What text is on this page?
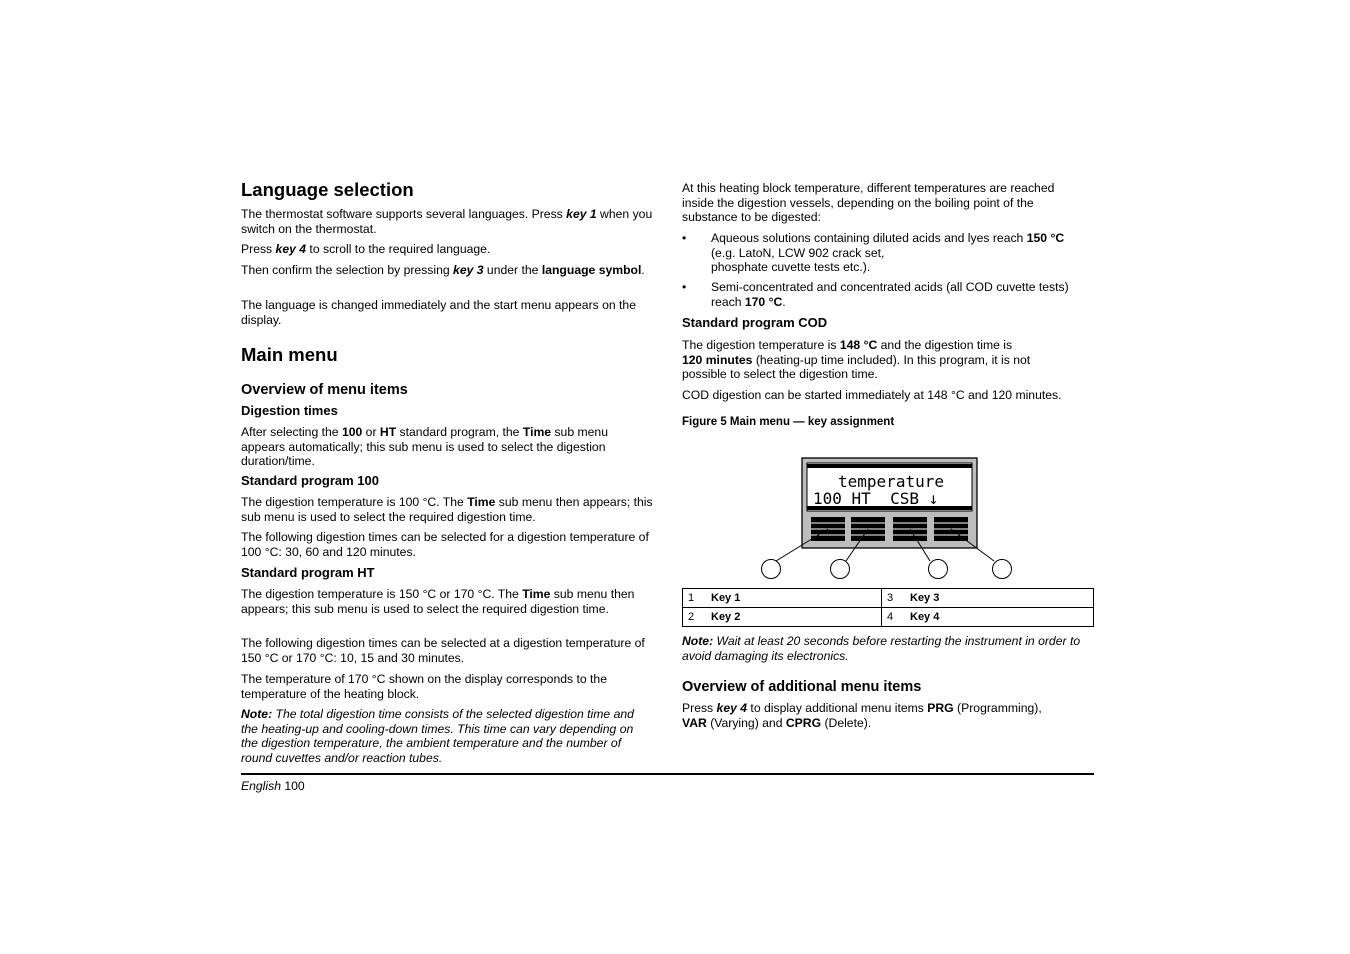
Language selection

The thermostat software supports several languages. Press key 1 when you switch on the thermostat.

Press key 4 to scroll to the required language.

Then confirm the selection by pressing key 3 under the language symbol.

The language is changed immediately and the start menu appears on the display.

Main menu
Overview of menu items
Digestion times

After selecting the 100 or HT standard program, the Time sub menu appears automatically; this sub menu is used to select the digestion duration/time.

Standard program 100

The digestion temperature is 100 °C. The Time sub menu then appears; this sub menu is used to select the required digestion time.

The following digestion times can be selected for a digestion temperature of 100 °C: 30, 60 and 120 minutes.

Standard program HT

The digestion temperature is 150 °C or 170 °C. The Time sub menu then appears; this sub menu is used to select the required digestion time.

The following digestion times can be selected at a digestion temperature of 150 °C or 170 °C: 10, 15 and 30 minutes.

The temperature of 170 °C shown on the display corresponds to the temperature of the heating block.

Note: The total digestion time consists of the selected digestion time and the heating-up and cooling-down times. This time can vary depending on the digestion temperature, the ambient temperature and the number of round cuvettes and/or reaction tubes.

At this heating block temperature, different temperatures are reached inside the digestion vessels, depending on the boiling point of the substance to be digested:

• Aqueous solutions containing diluted acids and lyes reach 150 °C
(e.g. LatoN, LCW 902 crack set,
phosphate cuvette tests etc.).

• Semi-concentrated and concentrated acids (all COD cuvette tests) reach 170 °C.

Standard program COD

The digestion temperature is 148 °C and the digestion time is
120 minutes (heating-up time included). In this program, it is not possible to select the digestion time.

COD digestion can be started immediately at 148 °C and 120 minutes.

Figure 5 Main menu — key assignment

temperature
100 HT  CSB ↓
1	Key 1	3	Key 3
2	Key 2	4	Key 4

Note: Wait at least 20 seconds before restarting the instrument in order to avoid damaging its electronics.

Overview of additional menu items

Press key 4 to display additional menu items PRG (Programming),
VAR (Varying) and CPRG (Delete).

English 100
